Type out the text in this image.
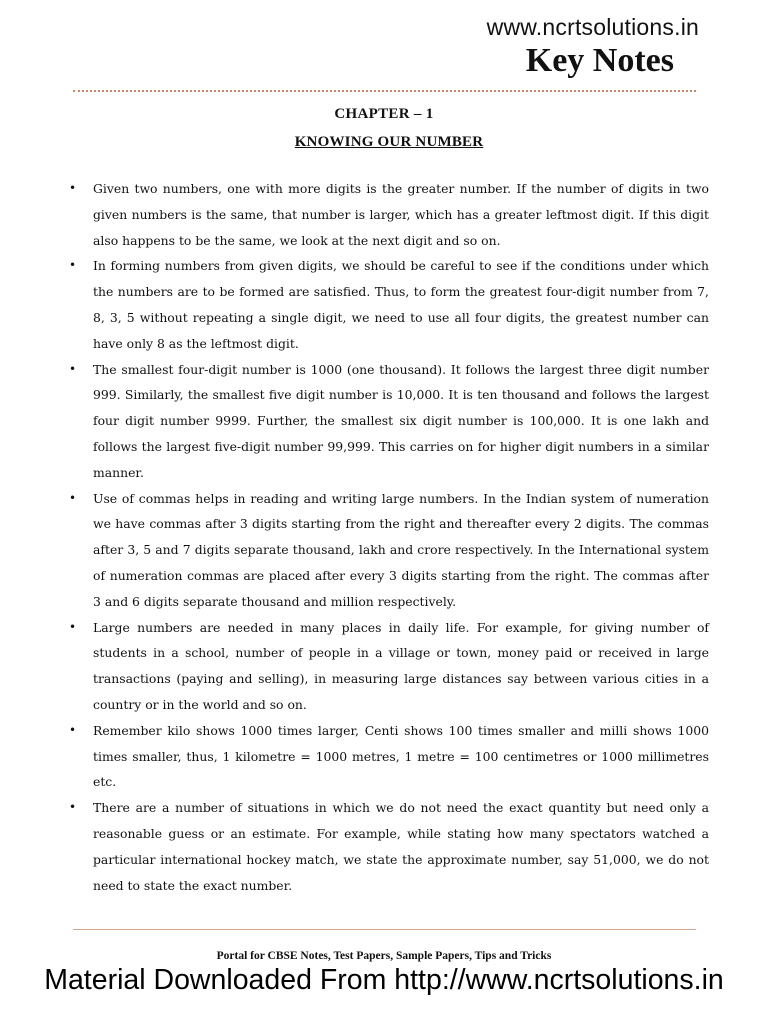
www.ncrtsolutions.in
Key Notes
CHAPTER – 1
KNOWING OUR NUMBER
• Given two numbers, one with more digits is the greater number. If the number of digits in two given numbers is the same, that number is larger, which has a greater leftmost digit. If this digit also happens to be the same, we look at the next digit and so on.
• In forming numbers from given digits, we should be careful to see if the conditions under which the numbers are to be formed are satisfied. Thus, to form the greatest four-digit number from 7, 8, 3, 5 without repeating a single digit, we need to use all four digits, the greatest number can have only 8 as the leftmost digit.
• The smallest four-digit number is 1000 (one thousand). It follows the largest three digit number 999. Similarly, the smallest five digit number is 10,000. It is ten thousand and follows the largest four digit number 9999. Further, the smallest six digit number is 100,000. It is one lakh and follows the largest five-digit number 99,999. This carries on for higher digit numbers in a similar manner.
• Use of commas helps in reading and writing large numbers. In the Indian system of numeration we have commas after 3 digits starting from the right and thereafter every 2 digits. The commas after 3, 5 and 7 digits separate thousand, lakh and crore respectively. In the International system of numeration commas are placed after every 3 digits starting from the right. The commas after 3 and 6 digits separate thousand and million respectively.
• Large numbers are needed in many places in daily life. For example, for giving number of students in a school, number of people in a village or town, money paid or received in large transactions (paying and selling), in measuring large distances say between various cities in a country or in the world and so on.
• Remember kilo shows 1000 times larger, Centi shows 100 times smaller and milli shows 1000 times smaller, thus, 1 kilometre = 1000 metres, 1 metre = 100 centimetres or 1000 millimetres etc.
• There are a number of situations in which we do not need the exact quantity but need only a reasonable guess or an estimate. For example, while stating how many spectators watched a particular international hockey match, we state the approximate number, say 51,000, we do not need to state the exact number.
Portal for CBSE Notes, Test Papers, Sample Papers, Tips and Tricks
Material Downloaded From http://www.ncrtsolutions.in
